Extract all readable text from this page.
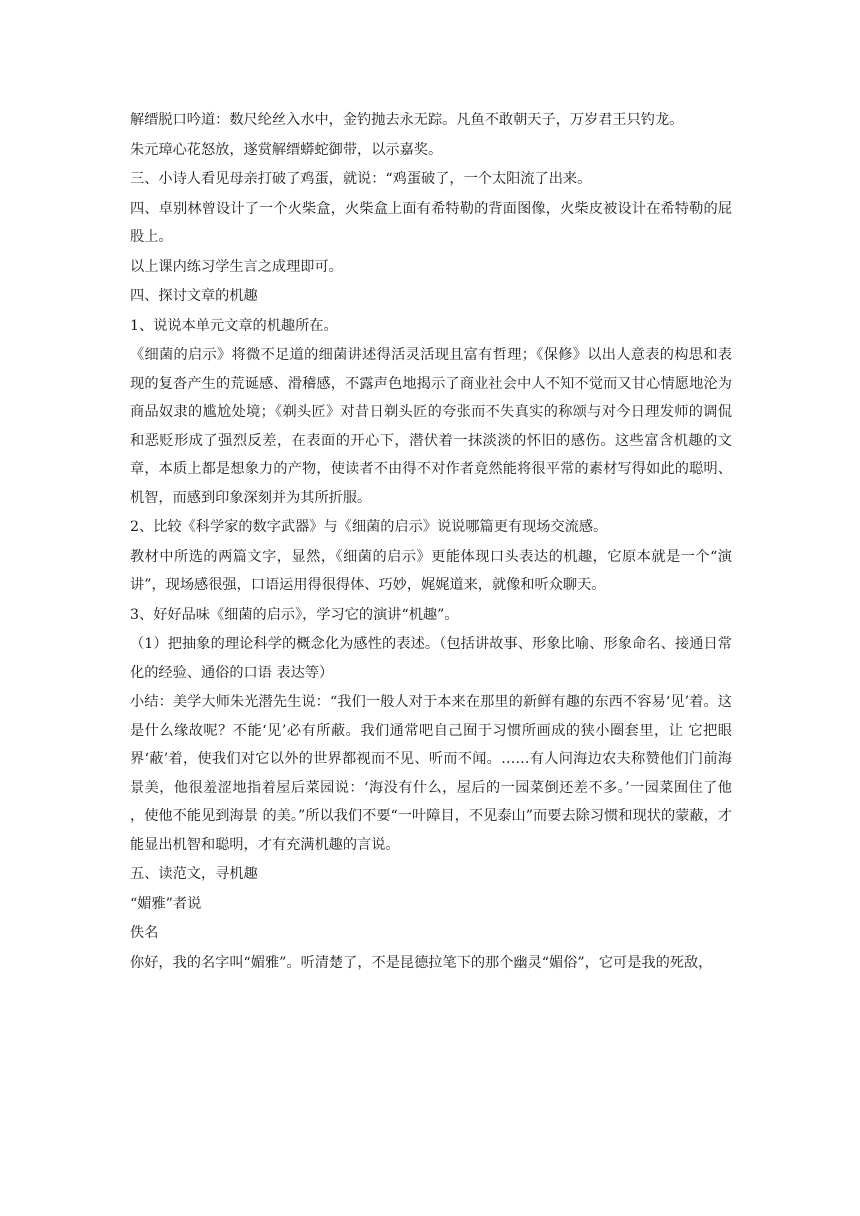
解缙脱口吟道：数尺纶丝入水中，金钓抛去永无踪。凡鱼不敢朝天子，万岁君王只钓龙。

朱元璋心花怒放，遂赏解缙蟒蛇御带，以示嘉奖。

三、小诗人看见母亲打破了鸡蛋，就说：“鸡蛋破了，一个太阳流了出来。

四、卓别林曾设计了一个火柴盒，火柴盒上面有希特勒的背面图像，火柴皮被设计在希特勒的屁股上。

以上课内练习学生言之成理即可。

四、探讨文章的机趣

1、说说本单元文章的机趣所在。

《细菌的启示》将微不足道的细菌讲述得活灵活现且富有哲理；《保修》以出人意表的构思和表现的复沓产生的荒诞感、滑稽感，不露声色地揭示了商业社会中人不知不觉而又甘心情愿地沦为商品奴隶的尴尬处境；《剃头匠》对昔日剃头匠的夸张而不失真实的称颂与对今日理发师的调侃和恶贬形成了强烈反差，在表面的开心下，潜伏着一抹淡淡的怀旧的感伤。这些富含机趣的文章，本质上都是想象力的产物，使读者不由得不对作者竟然能将很平常的素材写得如此的聪明、机智，而感到印象深刻并为其所折服。

2、比较《科学家的数字武器》与《细菌的启示》说说哪篇更有现场交流感。

教材中所选的两篇文字，显然，《细菌的启示》更能体现口头表达的机趣，它原本就是一个“演讲”，现场感很强，口语运用得很得体、巧妙，娓娓道来，就像和听众聊天。

3、好好品味《细菌的启示》，学习它的演讲“机趣”。

（1）把抽象的理论科学的概念化为感性的表述。（包括讲故事、形象比喻、形象命名、接通日常化的经验、通俗的口语 表达等）

小结：美学大师朱光潜先生说：“我们一般人对于本来在那里的新鲜有趣的东西不容易‘见’着。这是什么缘故呢？不能‘见’必有所蔽。我们通常吧自己囿于习惯所画成的狭小圈套里，让 它把眼界‘蔽’着，使我们对它以外的世界都视而不见、听而不闻。……有人问海边农夫称赞他们门前海景美，他很羞涩地指着屋后菜园说：‘海没有什么，屋后的一园菜倒还差不多。’一园菜囿住了他 ，使他不能见到海景 的美。”所以我们不要“一叶障目，不见泰山”而要去除习惯和现状的蒙蔽，才能显出机智和聪明，才有充满机趣的言说。

五、读范文，寻机趣

“媚雅”者说

佚名

你好，我的名字叫“媚雅”。听清楚了，不是昆德拉笔下的那个幽灵“媚俗”，它可是我的死敌，
